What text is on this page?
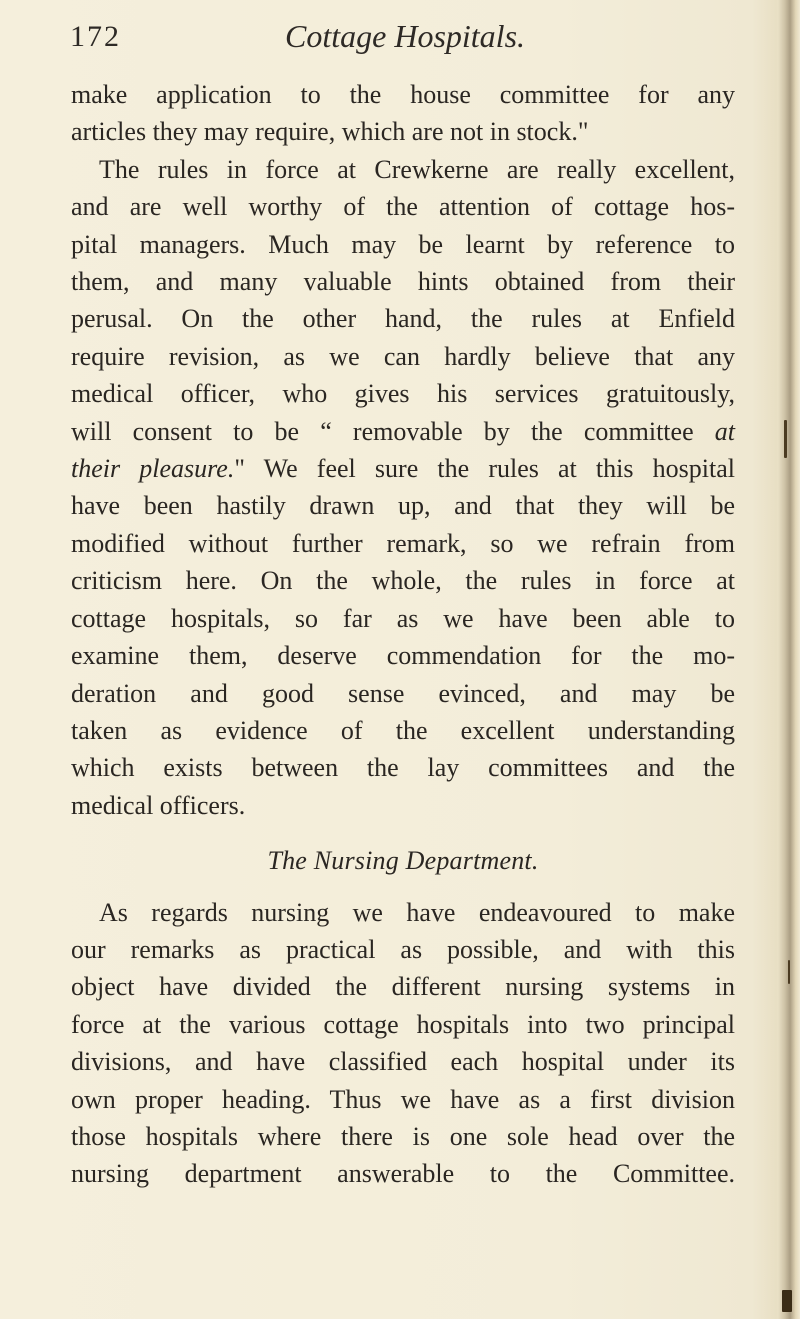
172	Cottage Hospitals.
make application to the house committee for any
articles they may require, which are not in stock."
The rules in force at Crewkerne are really excellent,
and are well worthy of the attention of cottage hos-
pital managers. Much may be learnt by reference to
them, and many valuable hints obtained from their
perusal. On the other hand, the rules at Enfield
require revision, as we can hardly believe that any
medical officer, who gives his services gratuitously,
will consent to be “ removable by the committee at
their pleasure." We feel sure the rules at this hospital
have been hastily drawn up, and that they will be
modified without further remark, so we refrain from
criticism here. On the whole, the rules in force at
cottage hospitals, so far as we have been able to
examine them, deserve commendation for the mo-
deration and good sense evinced, and may be
taken as evidence of the excellent understanding
which exists between the lay committees and the
medical officers.
The Nursing Department.
As regards nursing we have endeavoured to make
our remarks as practical as possible, and with this
object have divided the different nursing systems in
force at the various cottage hospitals into two principal
divisions, and have classified each hospital under its
own proper heading. Thus we have as a first division
those hospitals where there is one sole head over the
nursing department answerable to the Committee.
